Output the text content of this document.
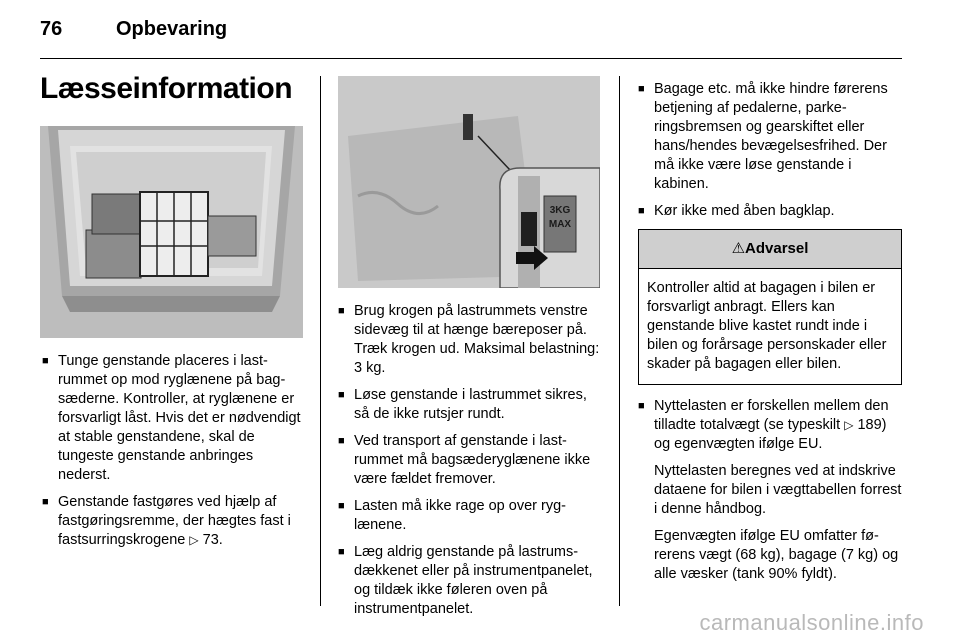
76	Opbevaring
Læsseinformation
■ Tunge genstande placeres i lastrummet op mod ryglænene på bagsæderne. Kontroller, at ryglænene er forsvarligt låst. Hvis det er nødvendigt at stable genstandene, skal de tungeste genstande anbringes nederst.
■ Genstande fastgøres ved hjælp af fastgøringsremme, der hægtes fast i fastsurringskrogene ▷ 73.
3KG
MAX
■ Brug krogen på lastrummets venstre sidevæg til at hænge bæreposer på. Træk krogen ud. Maksimal belastning: 3 kg.
■ Løse genstande i lastrummet sikres, så de ikke rutsjer rundt.
■ Ved transport af genstande i lastrummet må bagsæderyglænene ikke være fældet fremover.
■ Lasten må ikke rage op over ryglænene.
■ Læg aldrig genstande på lastrumsdækkenet eller på instrumentpanelet, og tildæk ikke føleren oven på instrumentpanelet.
■ Bagage etc. må ikke hindre førerens betjening af pedalerne, parkeringsbremsen og gearskiftet eller hans/hendes bevægelsesfrihed. Der må ikke være løse genstande i kabinen.
■ Kør ikke med åben bagklap.
⚠Advarsel
Kontroller altid at bagagen i bilen er forsvarligt anbragt. Ellers kan genstande blive kastet rundt inde i bilen og forårsage personskader eller skader på bagagen eller bilen.
■ Nyttelasten er forskellen mellem den tilladte totalvægt (se typeskilt ▷ 189) og egenvægten ifølge EU.
Nyttelasten beregnes ved at indskrive dataene for bilen i vægttabellen forrest i denne håndbog.
Egenvægten ifølge EU omfatter førerens vægt (68 kg), bagage (7 kg) og alle væsker (tank 90% fyldt).
carmanualsonline.info
